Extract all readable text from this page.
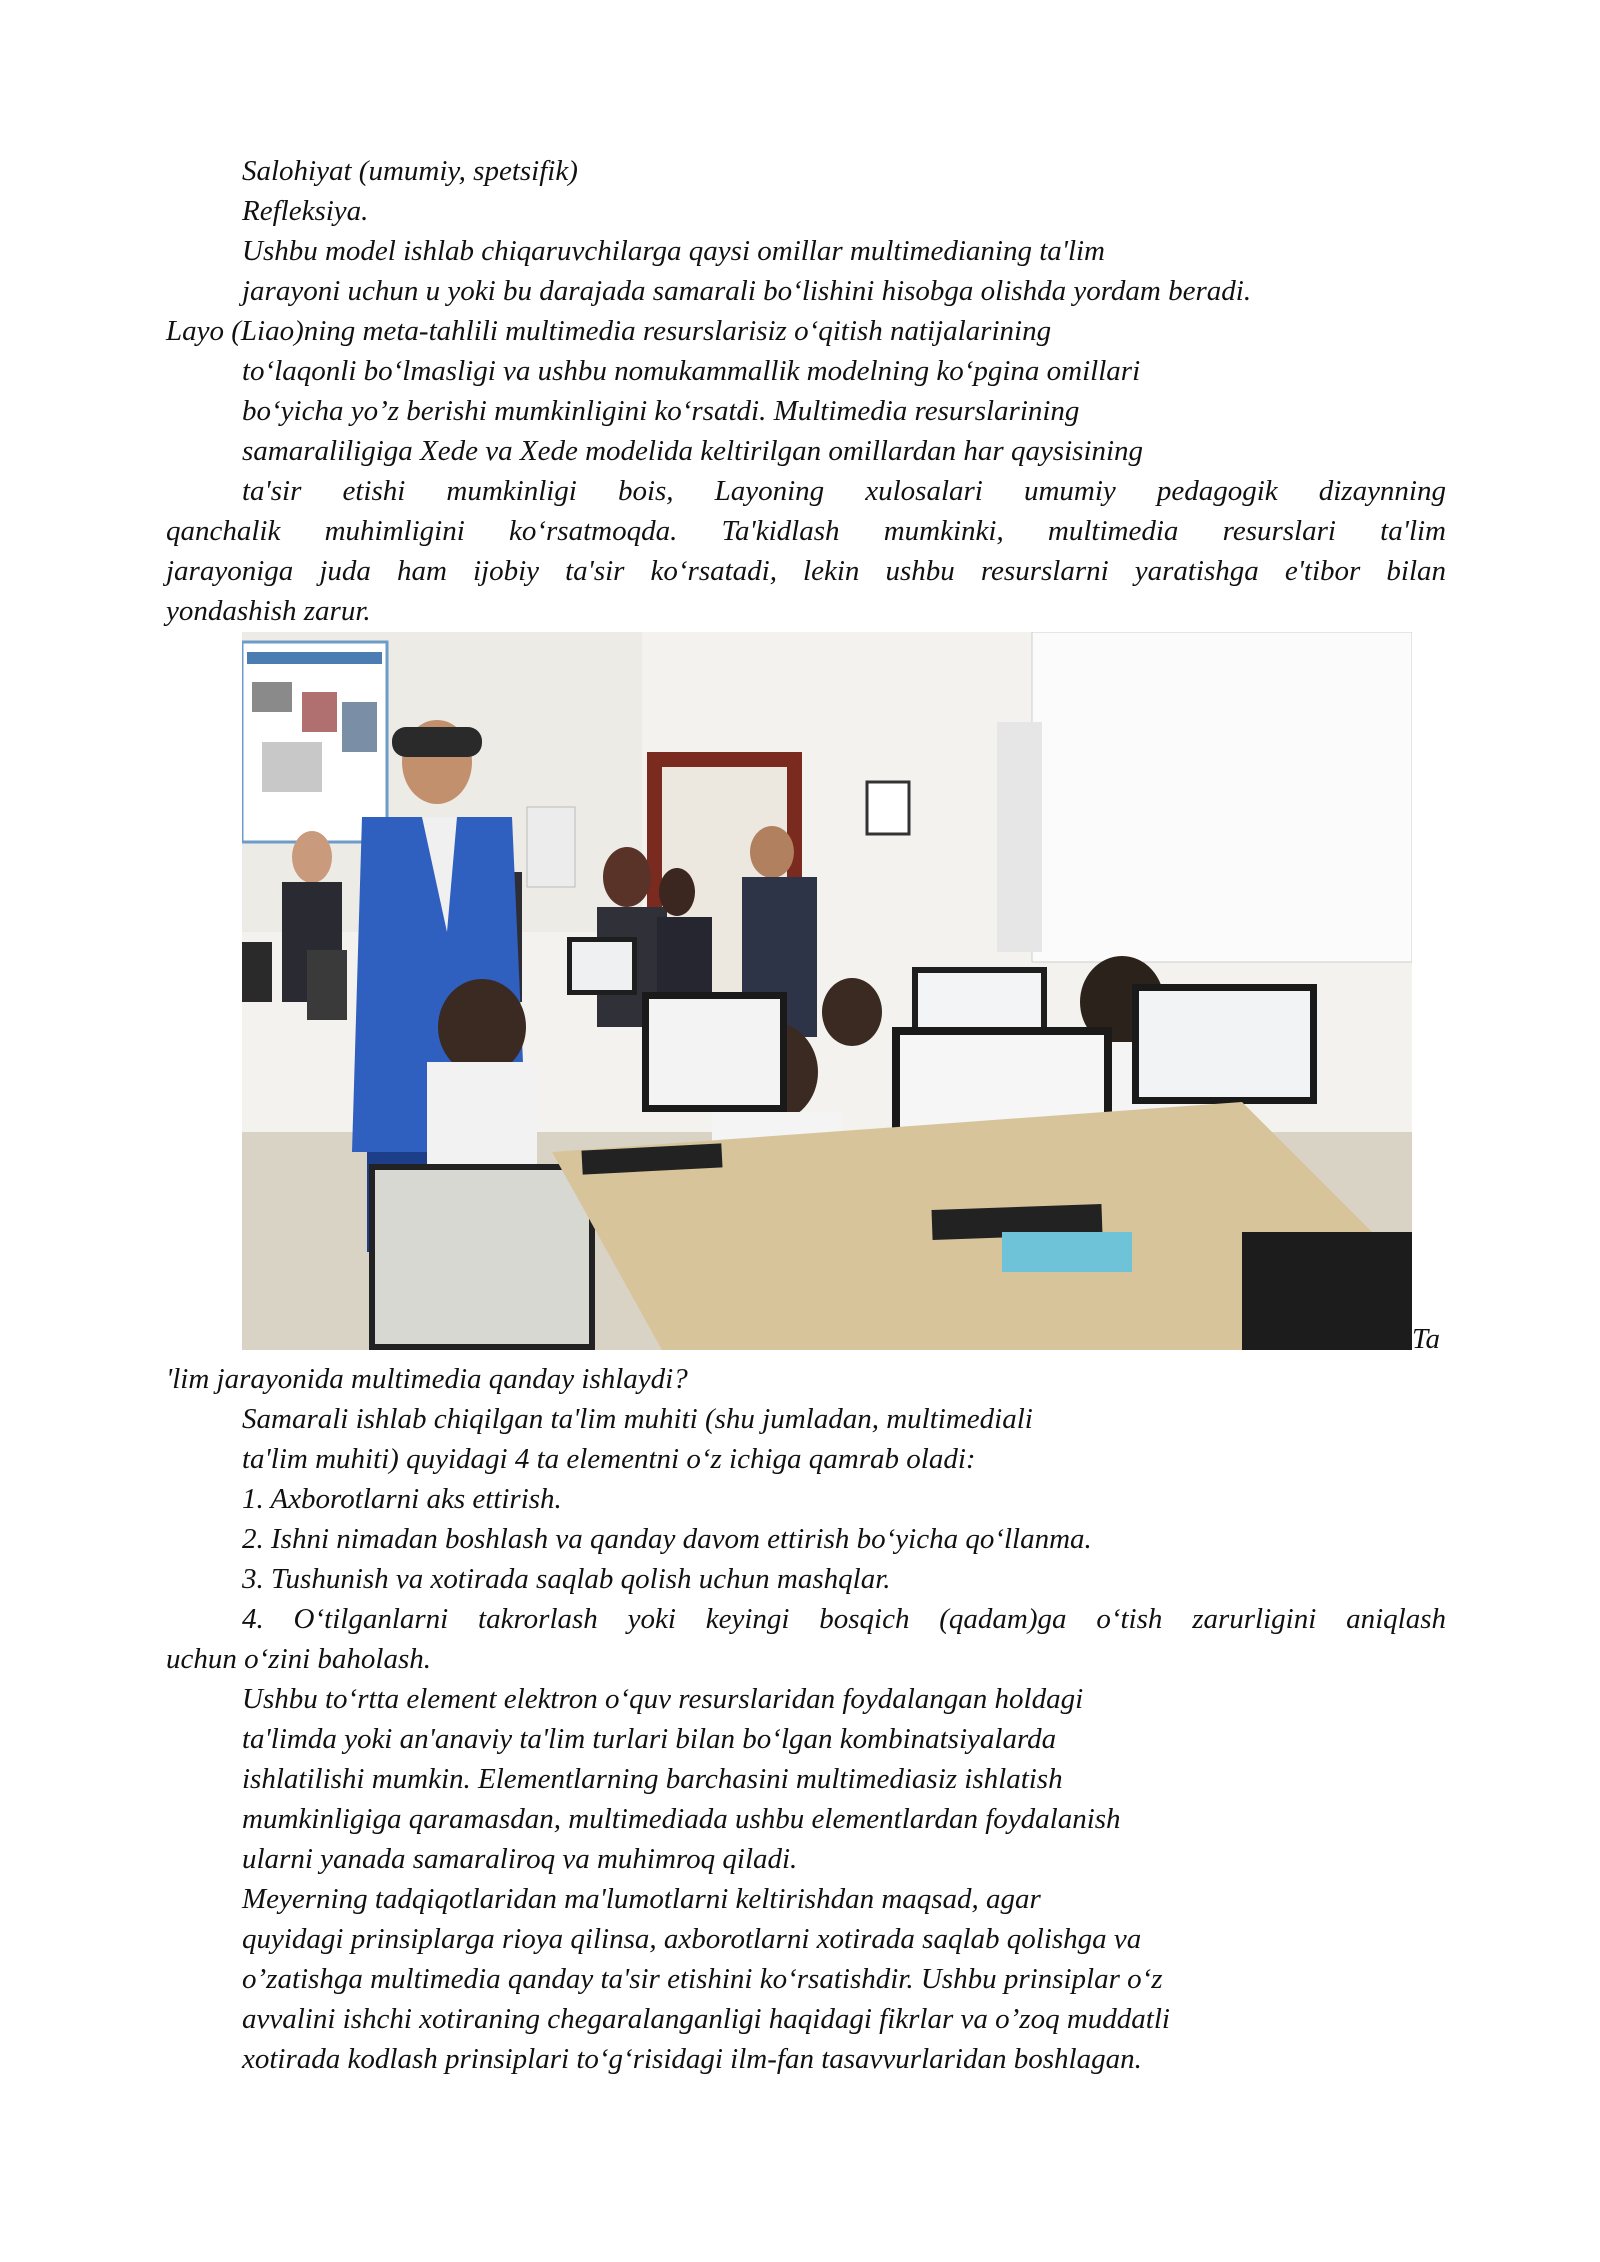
Salohiyat (umumiy, spetsifik)
Refleksiya.
Ushbu model ishlab chiqaruvchilarga qaysi omillar multimedianing ta'lim
jarayoni uchun u yoki bu darajada samarali bo‘lishini hisobga olishda yordam beradi.
Layo (Liao)ning meta-tahlili multimedia resurslarisiz o‘qitish natijalarining
to‘laqonli bo‘lmasligi va ushbu nomukammallik modelning ko‘pgina omillari
bo‘yicha yo’z berishi mumkinligini ko‘rsatdi. Multimedia resurslarining
samaraliligiga Xede va Xede modelida keltirilgan omillardan har qaysisining
ta'sir etishi mumkinligi bois, Layoning xulosalari umumiy pedagogik dizaynning
qanchalik muhimligini ko‘rsatmoqda. Ta'kidlash mumkinki, multimedia resurslari ta'lim
jarayoniga juda ham ijobiy ta'sir ko‘rsatadi, lekin ushbu resurslarni yaratishga e'tibor bilan
yondashish zarur.
Ta
'lim jarayonida multimedia qanday ishlaydi?
Samarali ishlab chiqilgan ta'lim muhiti (shu jumladan, multimediali
ta'lim muhiti) quyidagi 4 ta elementni o‘z ichiga qamrab oladi:
1. Axborotlarni aks ettirish.
2. Ishni nimadan boshlash va qanday davom ettirish bo‘yicha qo‘llanma.
3. Tushunish va xotirada saqlab qolish uchun mashqlar.
4. O‘tilganlarni takrorlash yoki keyingi bosqich (qadam)ga o‘tish zarurligini aniqlash
uchun o‘zini baholash.
Ushbu to‘rtta element elektron o‘quv resurslaridan foydalangan holdagi
ta'limda yoki an'anaviy ta'lim turlari bilan bo‘lgan kombinatsiyalarda
ishlatilishi mumkin. Elementlarning barchasini multimediasiz ishlatish
mumkinligiga qaramasdan, multimediada ushbu elementlardan foydalanish
ularni yanada samaraliroq va muhimroq qiladi.
Meyerning tadqiqotlaridan ma'lumotlarni keltirishdan maqsad, agar
quyidagi prinsiplarga rioya qilinsa, axborotlarni xotirada saqlab qolishga va
o’zatishga multimedia qanday ta'sir etishini ko‘rsatishdir. Ushbu prinsiplar o‘z
avvalini ishchi xotiraning chegaralanganligi haqidagi fikrlar va o’zoq muddatli
xotirada kodlash prinsiplari to‘g‘risidagi ilm-fan tasavvurlaridan boshlagan.
